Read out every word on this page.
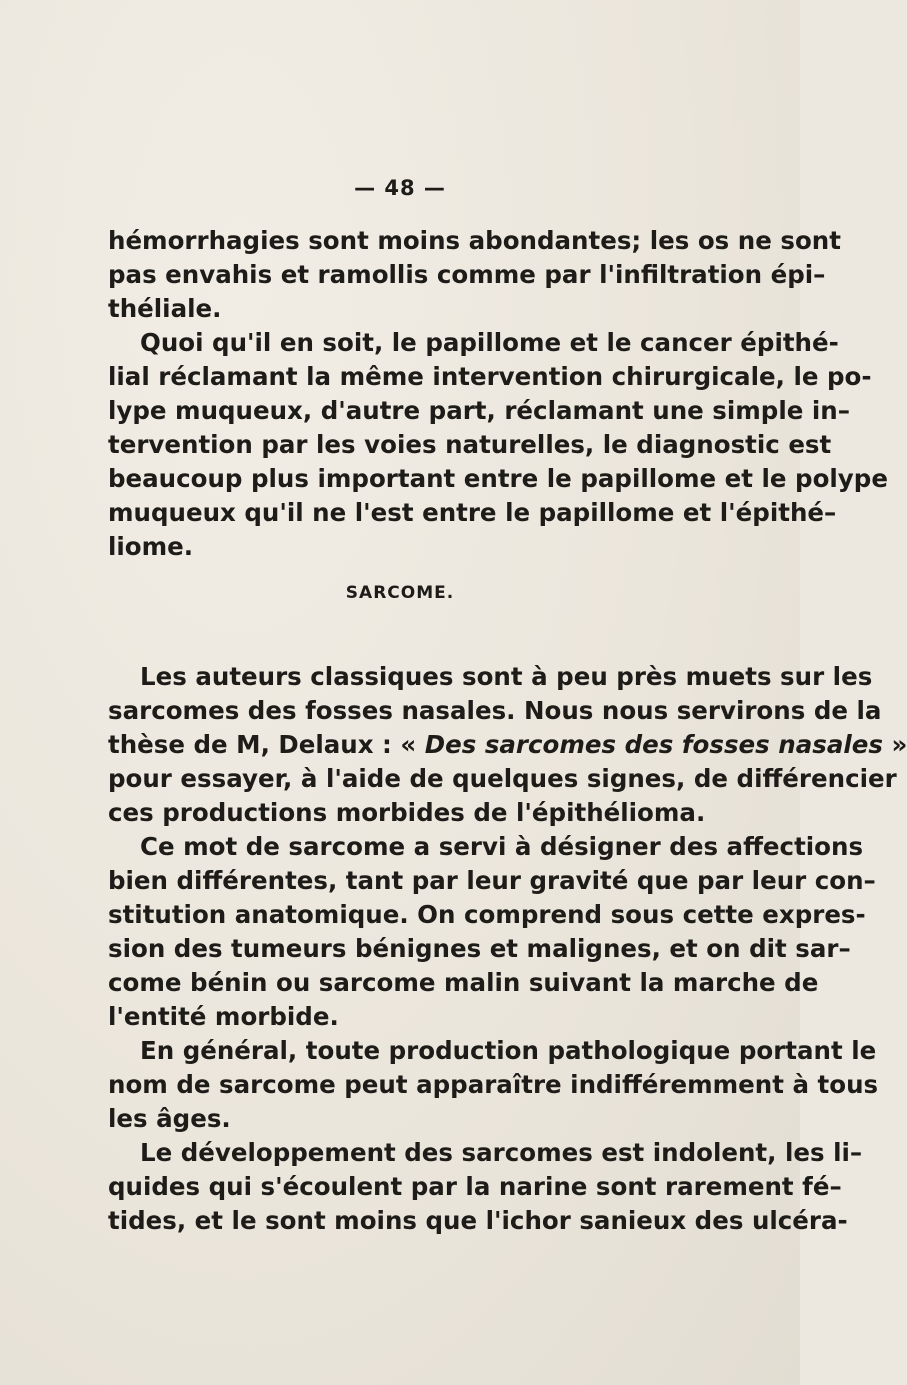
— 48 —
hémorrhagies sont moins abondantes; les os ne sont
pas envahis et ramollis comme par l'infiltration épi–
théliale.
Quoi qu'il en soit, le papillome et le cancer épithé-
lial réclamant la même intervention chirurgicale, le po-
lype muqueux, d'autre part, réclamant une simple in–
tervention par les voies naturelles, le diagnostic est
beaucoup plus important entre le papillome et le polype
muqueux qu'il ne l'est entre le papillome et l'épithé–
liome.
SARCOME.
Les auteurs classiques sont à peu près muets sur les
sarcomes des fosses nasales. Nous nous servirons de la
thèse de M, Delaux : « Des sarcomes des fosses nasales »
pour essayer, à l'aide de quelques signes, de différencier
ces productions morbides de l'épithélioma.
Ce mot de sarcome a servi à désigner des affections
bien différentes, tant par leur gravité que par leur con–
stitution anatomique. On comprend sous cette expres-
sion des tumeurs bénignes et malignes, et on dit sar–
come bénin ou sarcome malin suivant la marche de
l'entité morbide.
En général, toute production pathologique portant le
nom de sarcome peut apparaître indifféremment à tous
les âges.
Le développement des sarcomes est indolent, les li–
quides qui s'écoulent par la narine sont rarement fé–
tides, et le sont moins que l'ichor sanieux des ulcéra-
